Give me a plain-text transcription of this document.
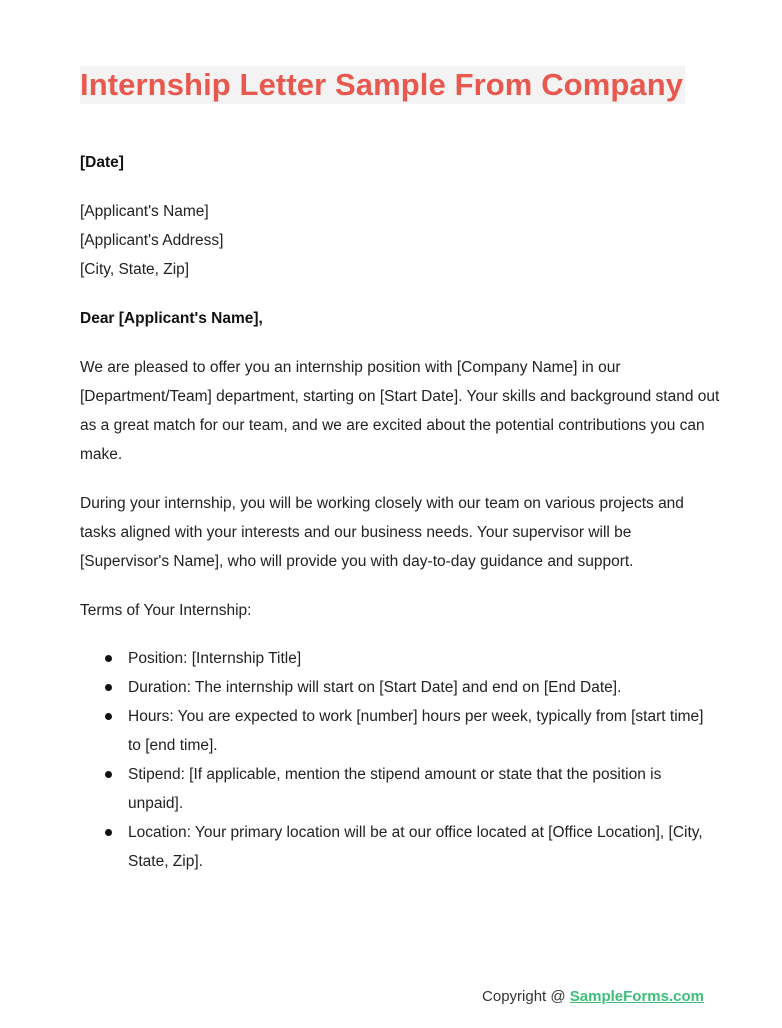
Internship Letter Sample From Company

[Date]

[Applicant's Name]
[Applicant's Address]
[City, State, Zip]

Dear [Applicant's Name],

We are pleased to offer you an internship position with [Company Name] in our [Department/Team] department, starting on [Start Date]. Your skills and background stand out as a great match for our team, and we are excited about the potential contributions you can make.

During your internship, you will be working closely with our team on various projects and tasks aligned with your interests and our business needs. Your supervisor will be [Supervisor's Name], who will provide you with day-to-day guidance and support.

Terms of Your Internship:

Position: [Internship Title]
Duration: The internship will start on [Start Date] and end on [End Date].
Hours: You are expected to work [number] hours per week, typically from [start time] to [end time].
Stipend: [If applicable, mention the stipend amount or state that the position is unpaid].
Location: Your primary location will be at our office located at [Office Location], [City, State, Zip].
Copyright @ SampleForms.com
